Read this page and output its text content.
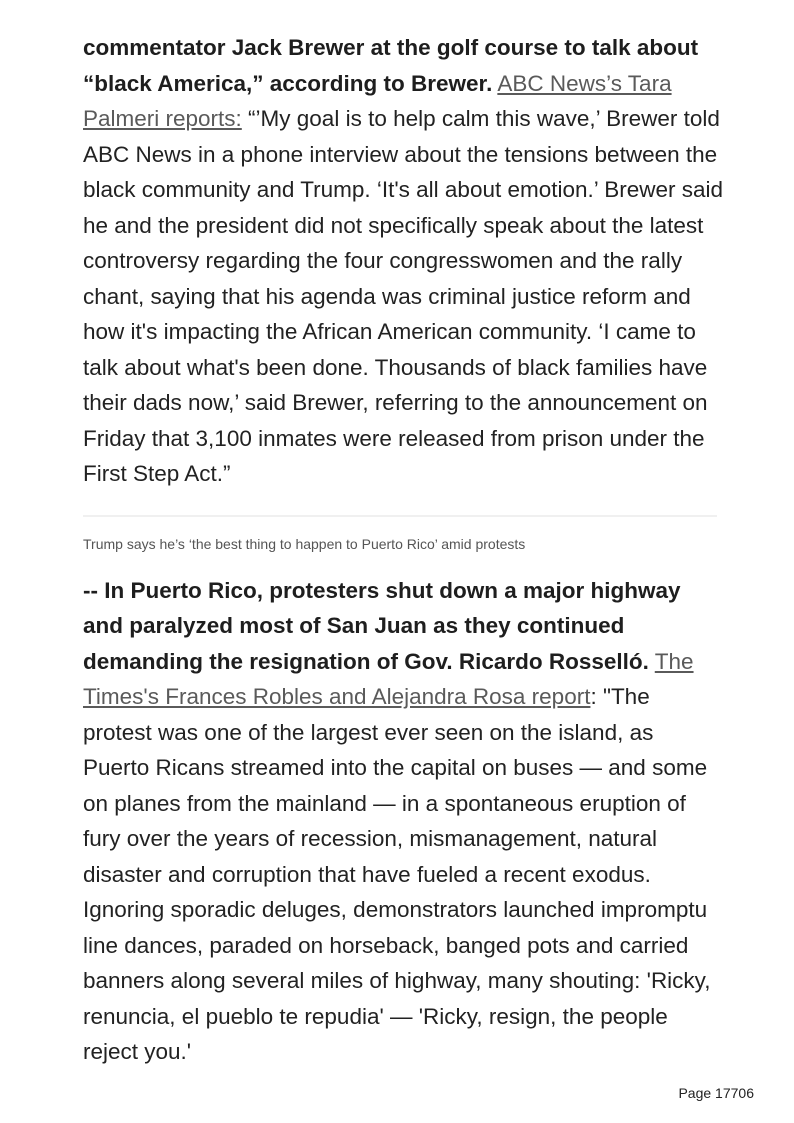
commentator Jack Brewer at the golf course to talk about “black America,” according to Brewer. ABC News’s Tara Palmeri reports: “’My goal is to help calm this wave,’ Brewer told ABC News in a phone interview about the tensions between the black community and Trump. ‘It's all about emotion.’ Brewer said he and the president did not specifically speak about the latest controversy regarding the four congresswomen and the rally chant, saying that his agenda was criminal justice reform and how it's impacting the African American community. ‘I came to talk about what's been done. Thousands of black families have their dads now,’ said Brewer, referring to the announcement on Friday that 3,100 inmates were released from prison under the First Step Act.”

Trump says he’s ‘the best thing to happen to Puerto Rico’ amid protests

-- In Puerto Rico, protesters shut down a major highway and paralyzed most of San Juan as they continued demanding the resignation of Gov. Ricardo Rosselló. The Times's Frances Robles and Alejandra Rosa report: "The protest was one of the largest ever seen on the island, as Puerto Ricans streamed into the capital on buses — and some on planes from the mainland — in a spontaneous eruption of fury over the years of recession, mismanagement, natural disaster and corruption that have fueled a recent exodus. Ignoring sporadic deluges, demonstrators launched impromptu line dances, paraded on horseback, banged pots and carried banners along several miles of highway, many shouting: 'Ricky, renuncia, el pueblo te repudia' — 'Ricky, resign, the people reject you.'

Page 17706
